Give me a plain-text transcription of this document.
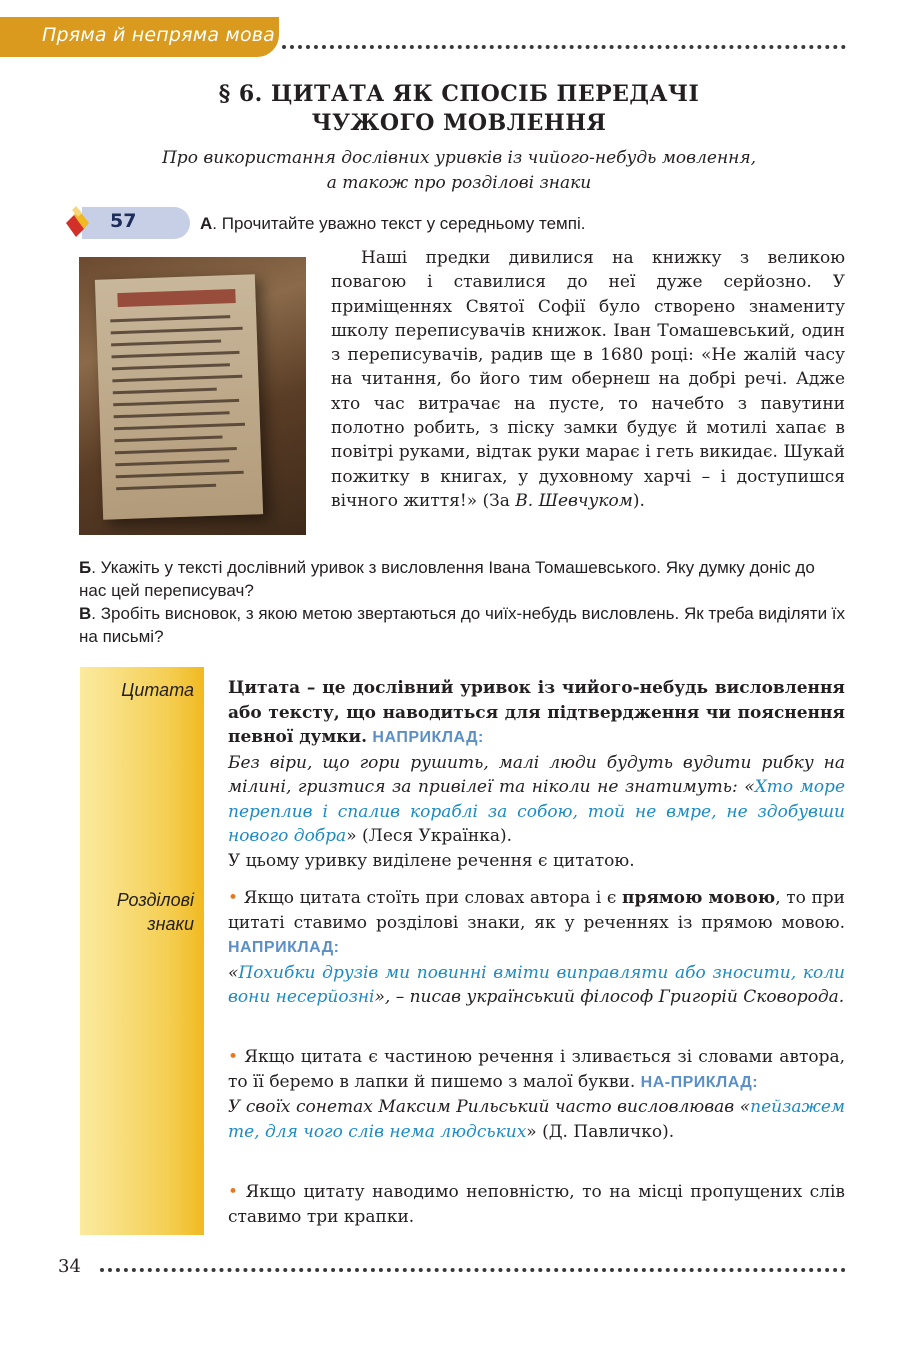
Пряма й непряма мова
§ 6. ЦИТАТА ЯК СПОСІБ ПЕРЕДАЧІ
ЧУЖОГО МОВЛЕННЯ
Про використання дослівних уривків із чийого-небудь мовлення,
а також про розділові знаки
57	А. Прочитайте уважно текст у середньому темпі.

Наші предки дивилися на книжку з великою повагою і ставилися до неї дуже серйозно. У приміщеннях Святої Софії було створено знамениту школу переписувачів книжок. Іван Томашевський, один з переписувачів, радив ще в 1680 році: «Не жалій часу на читання, бо його тим обернеш на добрі речі. Адже хто час витрачає на пусте, то начебто з павутини полотно робить, з піску замки будує й мотилі хапає в повітрі руками, відтак руки марає і геть викидає. Шукай пожитку в книгах, у духовному харчі – і доступишся вічного життя!» (За В. Шевчуком).

Б. Укажіть у тексті дослівний уривок з висловлення Івана Томашевського. Яку думку доніс до нас цей переписувач?

В. Зробіть висновок, з якою метою звертаються до чиїх-небудь висловлень. Як треба виділяти їх на письмі?

Цитата
Розділові
знаки

Цитата – це дослівний уривок із чийого-небудь висловлення або тексту, що наводиться для підтвердження чи пояснення певної думки. НАПРИКЛАД:

Без віри, що гори рушить, малі люди будуть вудити рибку на мілині, гризтися за привілеї та ніколи не знатимуть: «Хто море переплив і спалив кораблі за собою, той не вмре, не здобувши нового добра» (Леся Українка).

У цьому уривку виділене речення є цитатою.

• Якщо цитата стоїть при словах автора і є прямою мовою, то при цитаті ставимо розділові знаки, як у реченнях із прямою мовою. НАПРИКЛАД:

«Похибки друзів ми повинні вміти виправляти або зносити, коли вони несерйозні», – писав український філософ Григорій Сковорода.

• Якщо цитата є частиною речення і зливається зі словами автора, то її беремо в лапки й пишемо з малої букви. НА-ПРИКЛАД:

У своїх сонетах Максим Рильський часто висловлював «пейзажем те, для чого слів нема людських» (Д. Павличко).

• Якщо цитату наводимо неповністю, то на місці пропущених слів ставимо три крапки.

34
